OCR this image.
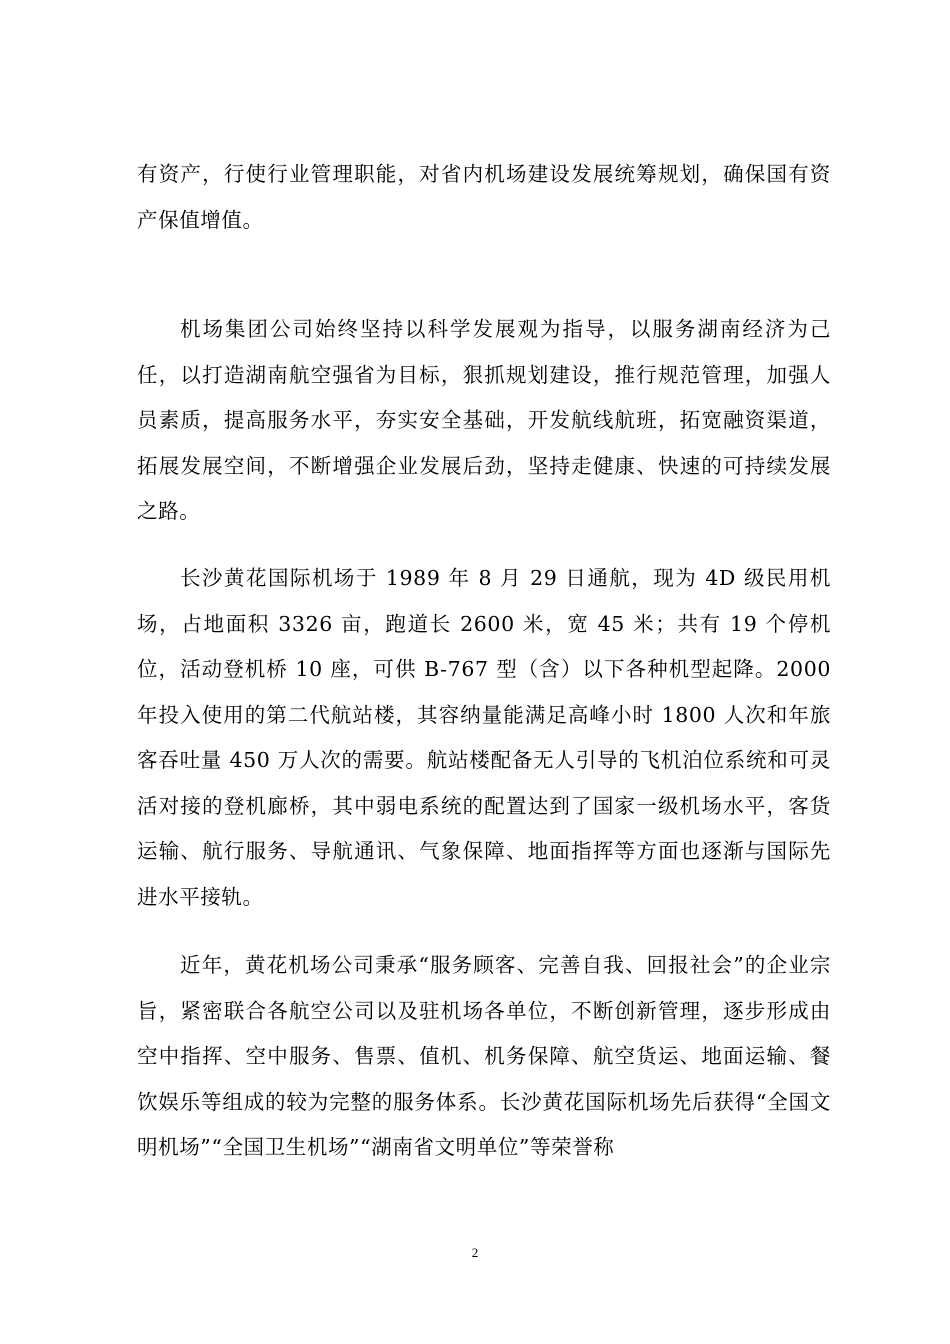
有资产，行使行业管理职能，对省内机场建设发展统筹规划，确保国有资产保值增值。

机场集团公司始终坚持以科学发展观为指导，以服务湖南经济为己任，以打造湖南航空强省为目标，狠抓规划建设，推行规范管理，加强人员素质，提高服务水平，夯实安全基础，开发航线航班，拓宽融资渠道，拓展发展空间，不断增强企业发展后劲，坚持走健康、快速的可持续发展之路。

长沙黄花国际机场于 1989 年 8 月 29 日通航，现为 4D 级民用机场，占地面积 3326 亩，跑道长 2600 米，宽 45 米；共有 19 个停机位，活动登机桥 10 座，可供 B-767 型（含）以下各种机型起降。2000 年投入使用的第二代航站楼，其容纳量能满足高峰小时 1800 人次和年旅客吞吐量 450 万人次的需要。航站楼配备无人引导的飞机泊位系统和可灵活对接的登机廊桥，其中弱电系统的配置达到了国家一级机场水平，客货运输、航行服务、导航通讯、气象保障、地面指挥等方面也逐渐与国际先进水平接轨。

近年，黄花机场公司秉承“服务顾客、完善自我、回报社会”的企业宗旨，紧密联合各航空公司以及驻机场各单位，不断创新管理，逐步形成由空中指挥、空中服务、售票、值机、机务保障、航空货运、地面运输、餐饮娱乐等组成的较为完整的服务体系。长沙黄花国际机场先后获得“全国文明机场”“全国卫生机场”“湖南省文明单位”等荣誉称

2
